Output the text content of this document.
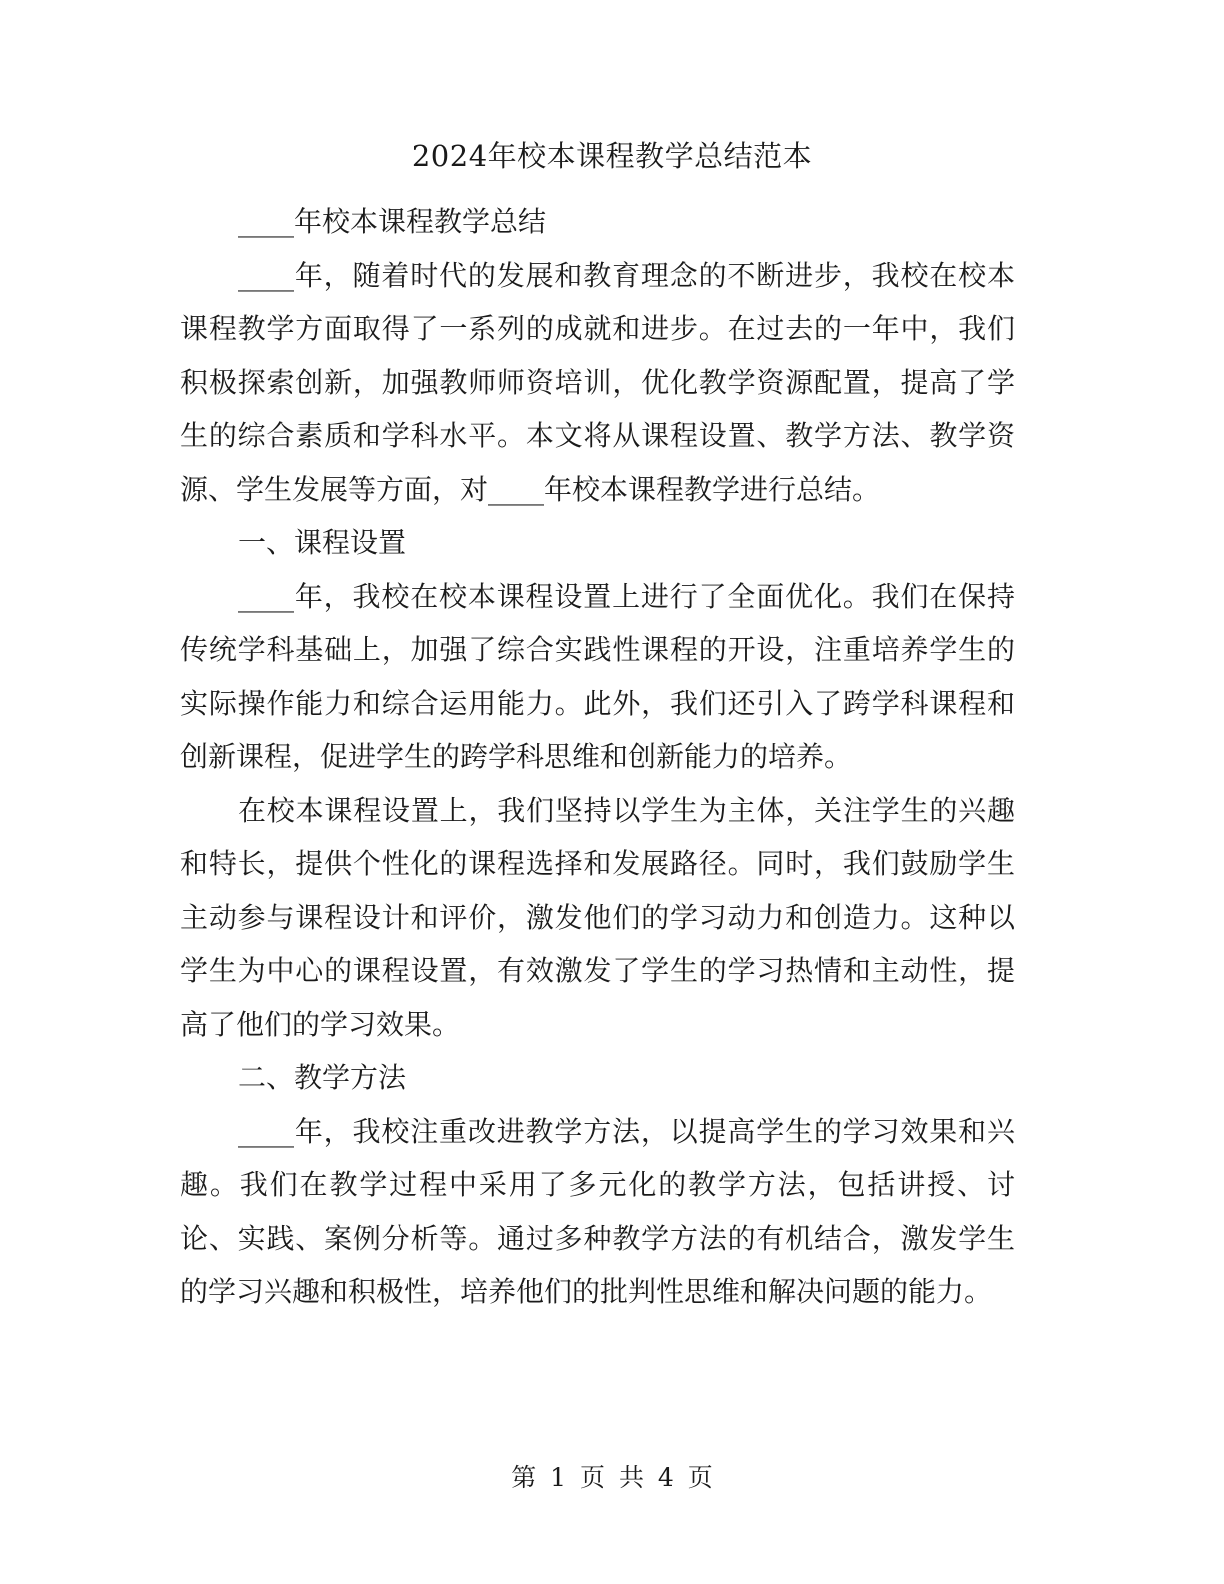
2024年校本课程教学总结范本

____年校本课程教学总结

____年，随着时代的发展和教育理念的不断进步，我校在校本课程教学方面取得了一系列的成就和进步。在过去的一年中，我们积极探索创新，加强教师师资培训，优化教学资源配置，提高了学生的综合素质和学科水平。本文将从课程设置、教学方法、教学资源、学生发展等方面，对____年校本课程教学进行总结。

一、课程设置

____年，我校在校本课程设置上进行了全面优化。我们在保持传统学科基础上，加强了综合实践性课程的开设，注重培养学生的实际操作能力和综合运用能力。此外，我们还引入了跨学科课程和创新课程，促进学生的跨学科思维和创新能力的培养。

在校本课程设置上，我们坚持以学生为主体，关注学生的兴趣和特长，提供个性化的课程选择和发展路径。同时，我们鼓励学生主动参与课程设计和评价，激发他们的学习动力和创造力。这种以学生为中心的课程设置，有效激发了学生的学习热情和主动性，提高了他们的学习效果。

二、教学方法

____年，我校注重改进教学方法，以提高学生的学习效果和兴趣。我们在教学过程中采用了多元化的教学方法，包括讲授、讨论、实践、案例分析等。通过多种教学方法的有机结合，激发学生的学习兴趣和积极性，培养他们的批判性思维和解决问题的能力。

第 1 页 共 4 页
